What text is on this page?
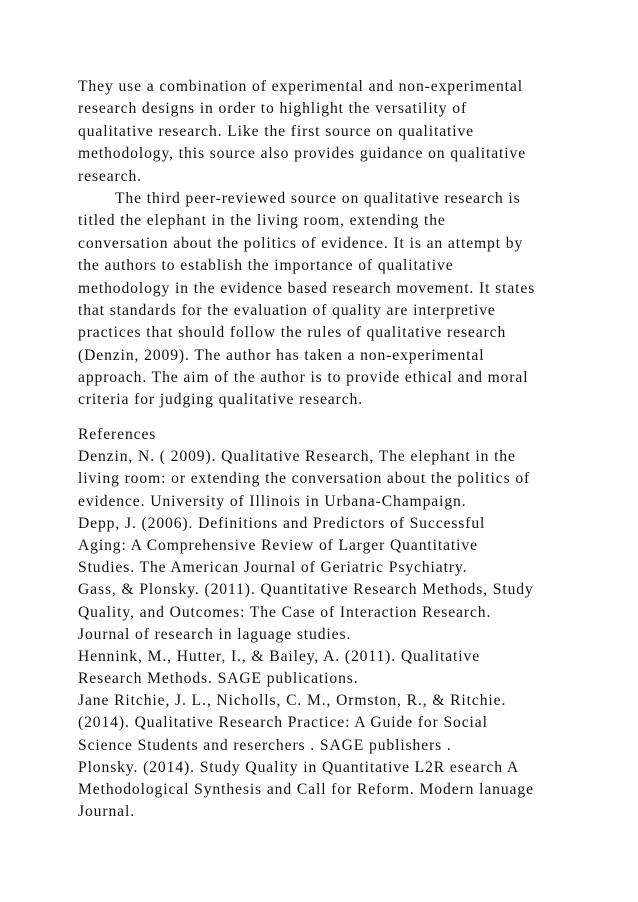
They use a combination of experimental and non-experimental
research designs in order to highlight the versatility of
qualitative research. Like the first source on qualitative
methodology, this source also provides guidance on qualitative
research.
The third peer-reviewed source on qualitative research is
titled the elephant in the living room, extending the
conversation about the politics of evidence. It is an attempt by
the authors to establish the importance of qualitative
methodology in the evidence based research movement. It states
that standards for the evaluation of quality are interpretive
practices that should follow the rules of qualitative research
(Denzin, 2009). The author has taken a non-experimental
approach. The aim of the author is to provide ethical and moral
criteria for judging qualitative research.
References
Denzin, N. ( 2009). Qualitative Research, The elephant in the
living room: or extending the conversation about the politics of
evidence. University of Illinois in Urbana-Champaign.
Depp, J. (2006). Definitions and Predictors of Successful
Aging: A Comprehensive Review of Larger Quantitative
Studies. The American Journal of Geriatric Psychiatry.
Gass, & Plonsky. (2011). Quantitative Research Methods, Study
Quality, and Outcomes: The Case of Interaction Research.
Journal of research in laguage studies.
Hennink, M., Hutter, I., & Bailey, A. (2011). Qualitative
Research Methods. SAGE publications.
Jane Ritchie, J. L., Nicholls, C. M., Ormston, R., & Ritchie.
(2014). Qualitative Research Practice: A Guide for Social
Science Students and reserchers . SAGE publishers .
Plonsky. (2014). Study Quality in Quantitative L2R esearch A
Methodological Synthesis and Call for Reform. Modern lanuage
Journal.
